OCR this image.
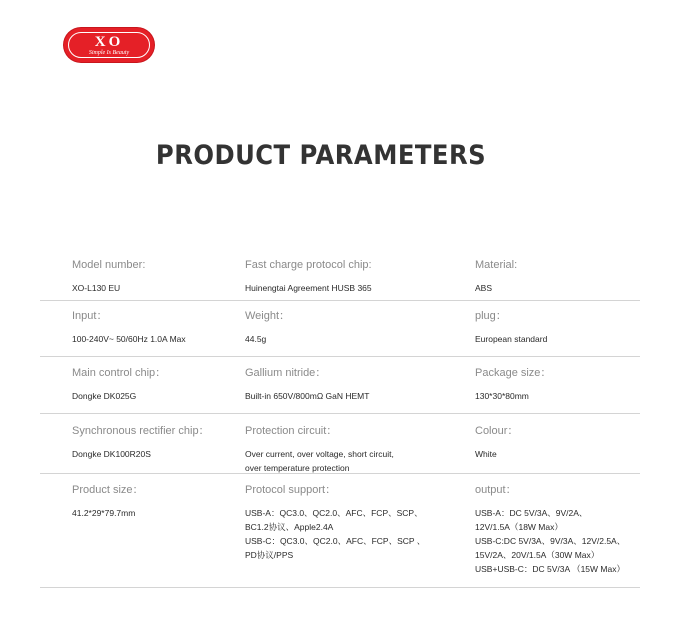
XO
Simple Is Beauty
PRODUCT PARAMETERS
Model number:
XO-L130 EU
Fast charge protocol chip:
Huinengtai Agreement HUSB 365
Material:
ABS
Input：
100-240V~ 50/60Hz 1.0A Max
Weight：
44.5g
plug：
European standard
Main control chip：
Dongke DK025G
Gallium nitride：
Built-in 650V/800mΩ GaN HEMT
Package size：
130*30*80mm
Synchronous rectifier chip：
Dongke DK100R20S
Protection circuit：
Over current, over voltage, short circuit,
over temperature protection
Colour：
White
Product size：
41.2*29*79.7mm
Protocol support：
USB-A：QC3.0、QC2.0、AFC、FCP、SCP、
BC1.2协议、Apple2.4A
USB-C：QC3.0、QC2.0、AFC、FCP、SCP 、
PD协议/PPS
output：
USB-A：DC 5V/3A、9V/2A、
12V/1.5A（18W Max）
USB-C:DC 5V/3A、9V/3A、12V/2.5A、
15V/2A、20V/1.5A（30W Max）
USB+USB-C：DC 5V/3A （15W Max）
